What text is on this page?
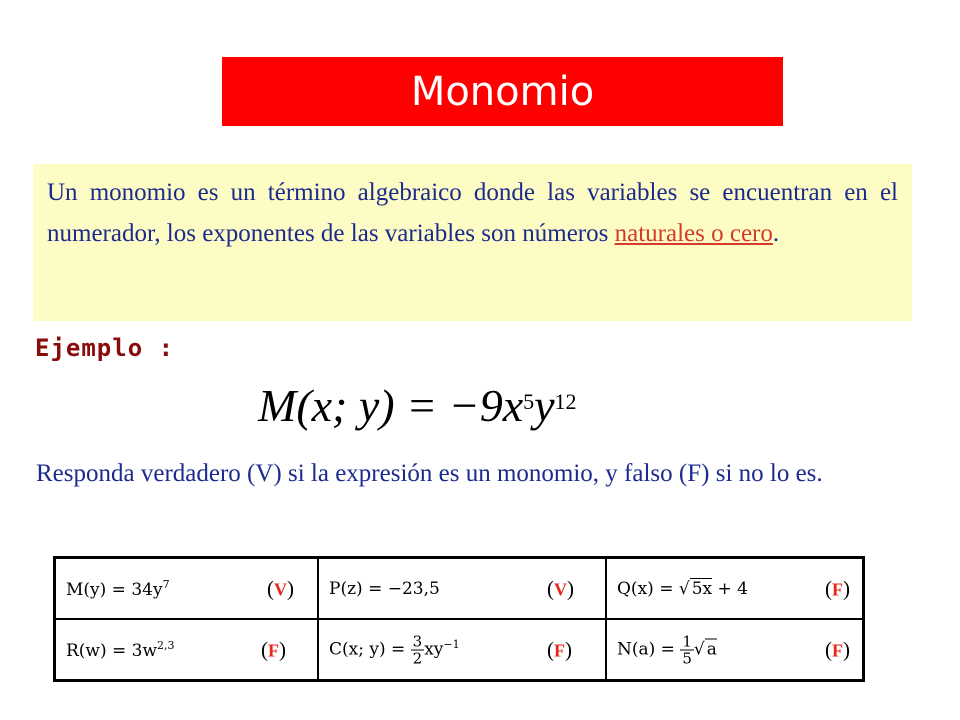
Monomio

Un monomio es un término algebraico donde las variables se encuentran en el numerador, los exponentes de las variables son números naturales o cero.

Ejemplo :
M(x; $y) = -9x^5y^{12}$

Responda verdadero (V) si la expresión es un monomio, y falso (F) si no lo es.

$M(y) = 34y^7$ (V)	P(z) = −23,5 (V)	Q(x) = √ 5x + 4 (F)

$R(w) = 3w^{2,3}$ (F)	C(x; $y) = \frac{3}{2} xy^{-1}$ (F)	$N(a) = \frac{1}{5}$ √ a (F)
